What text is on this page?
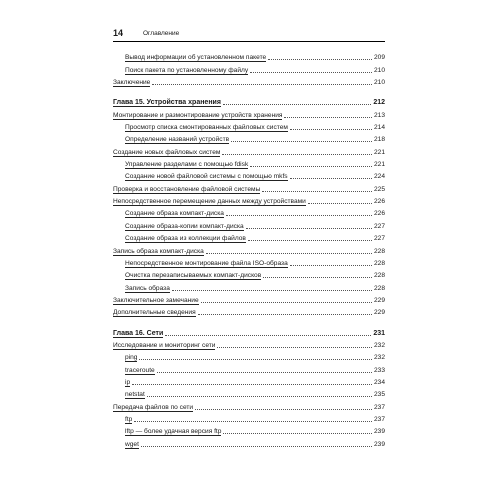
14	Оглавление
Вывод информации об установленном пакете	209
Поиск пакета по установленному файлу	210
Заключение	210
Глава 15. Устройства хранения	212
Монтирование и размонтирование устройств хранения	213
Просмотр списка смонтированных файловых систем	214
Определение названий устройств	218
Создание новых файловых систем	221
Управление разделами с помощью fdisk	221
Создание новой файловой системы с помощью mkfs	224
Проверка и восстановление файловой системы	225
Непосредственное перемещение данных между устройствами	226
Создание образа компакт-диска	226
Создание образа-копии компакт-диска	227
Создание образа из коллекции файлов	227
Запись образа компакт-диска	228
Непосредственное монтирование файла ISO-образа	228
Очистка перезаписываемых компакт-дисков	228
Запись образа	228
Заключительное замечание	229
Дополнительные сведения	229
Глава 16. Сети	231
Исследование и мониторинг сети	232
ping	232
traceroute	233
ip	234
netstat	235
Передача файлов по сети	237
ftp	237
lftp — более удачная версия ftp	239
wget	239
